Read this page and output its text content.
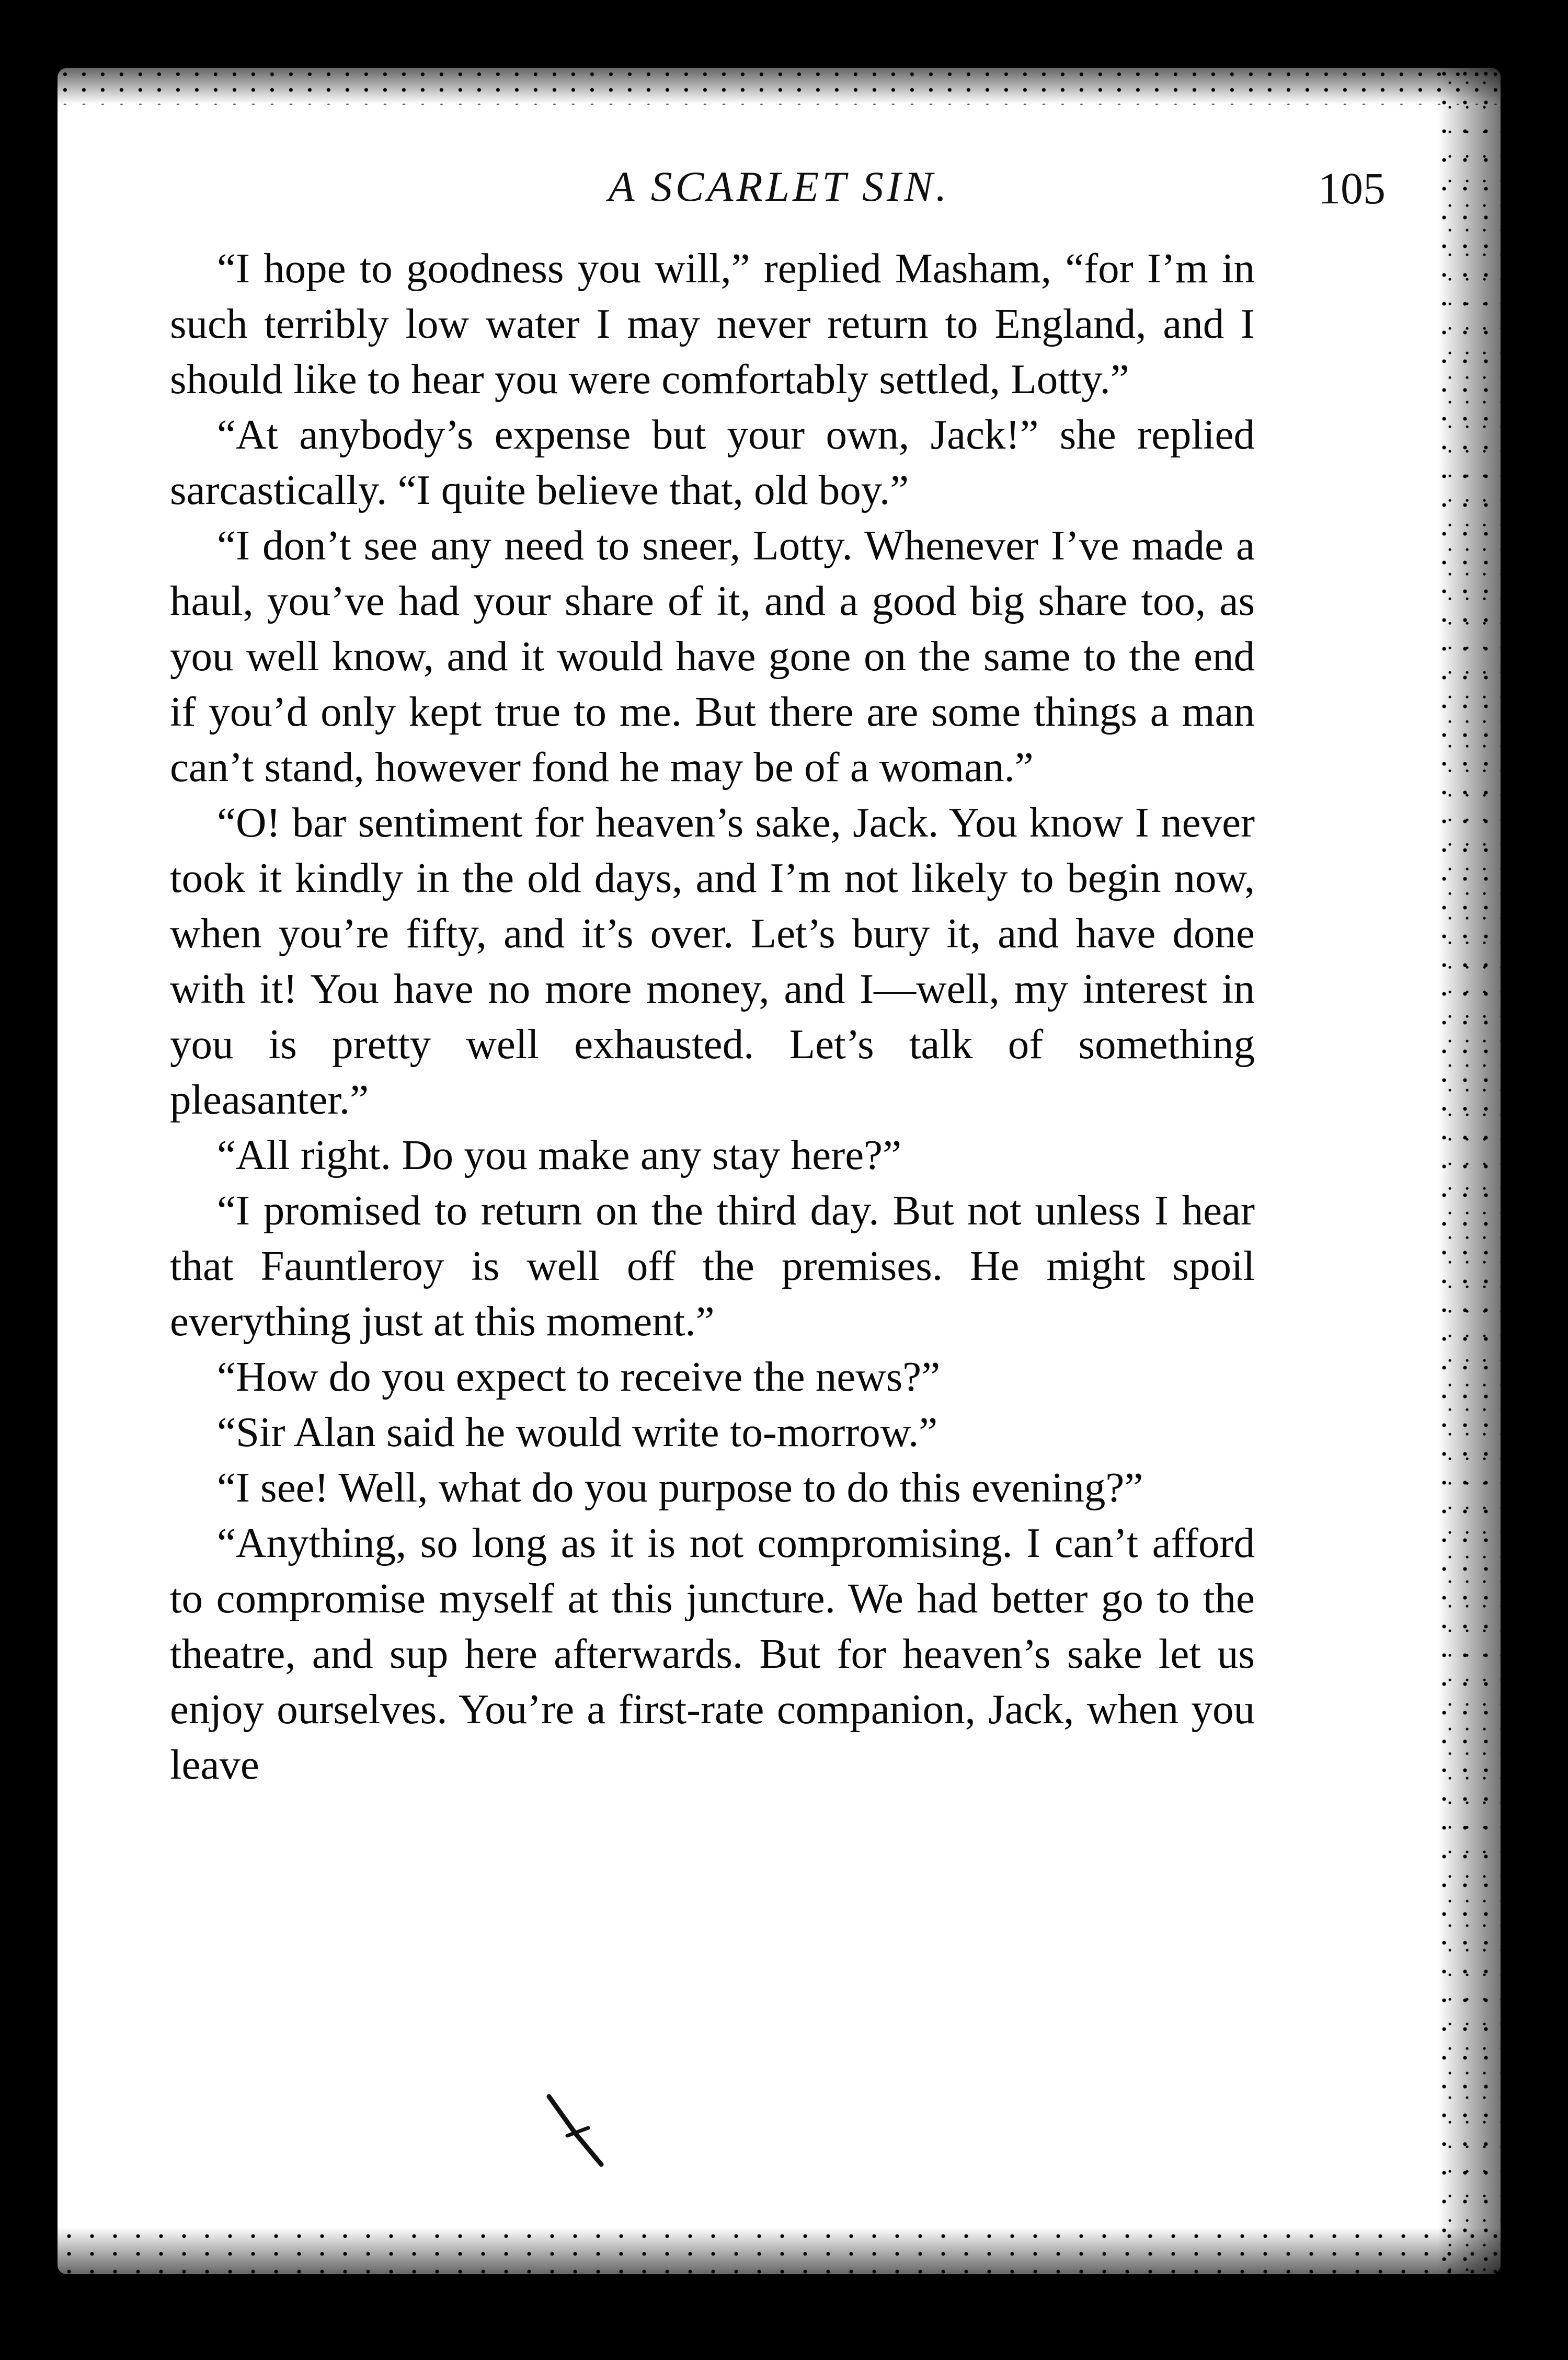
A SCARLET SIN.	105

“I hope to goodness you will,” replied Masham, “for I’m in such terribly low water I may never return to England, and I should like to hear you were comfortably settled, Lotty.”

“At anybody’s expense but your own, Jack!” she replied sarcastically. “I quite believe that, old boy.”

“I don’t see any need to sneer, Lotty. Whenever I’ve made a haul, you’ve had your share of it, and a good big share too, as you well know, and it would have gone on the same to the end if you’d only kept true to me. But there are some things a man can’t stand, however fond he may be of a woman.”

“O! bar sentiment for heaven’s sake, Jack. You know I never took it kindly in the old days, and I’m not likely to begin now, when you’re fifty, and it’s over. Let’s bury it, and have done with it! You have no more money, and I—well, my interest in you is pretty well exhausted. Let’s talk of something pleasanter.”

“All right. Do you make any stay here?”

“I promised to return on the third day. But not unless I hear that Fauntleroy is well off the premises. He might spoil everything just at this moment.”

“How do you expect to receive the news?”

“Sir Alan said he would write to-morrow.”

“I see! Well, what do you purpose to do this evening?”

“Anything, so long as it is not compromising. I can’t afford to compromise myself at this juncture. We had better go to the theatre, and sup here afterwards. But for heaven’s sake let us enjoy ourselves. You’re a first-rate companion, Jack, when you leave
